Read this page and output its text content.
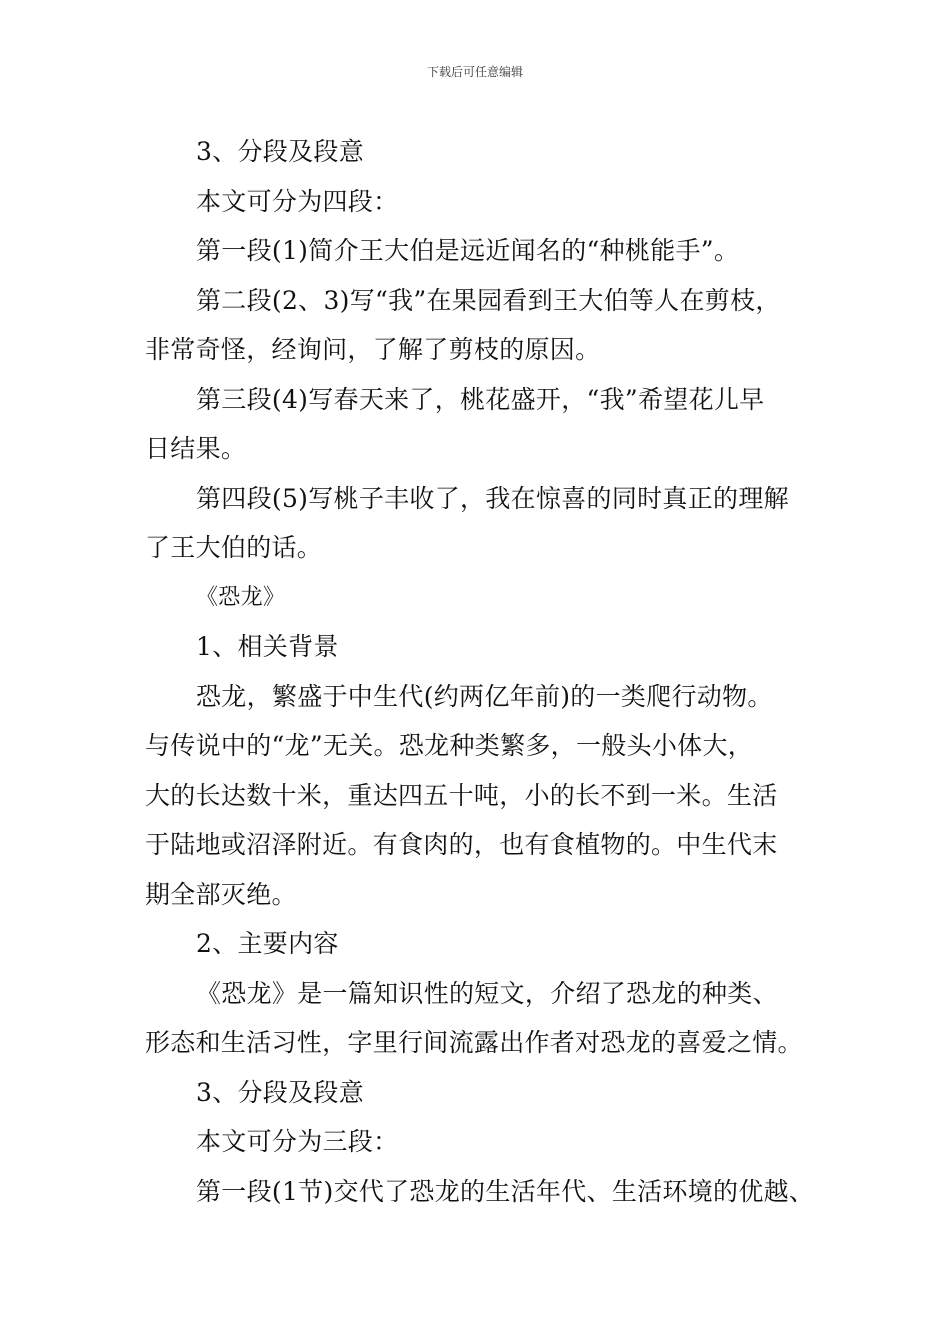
下载后可任意编辑

3、分段及段意

本文可分为四段：

第一段(1)简介王大伯是远近闻名的“种桃能手”。

第二段(2、3)写“我”在果园看到王大伯等人在剪枝，

非常奇怪，经询问，了解了剪枝的原因。

第三段(4)写春天来了，桃花盛开，“我”希望花儿早

日结果。

第四段(5)写桃子丰收了，我在惊喜的同时真正的理解

了王大伯的话。

《恐龙》

1、相关背景

恐龙，繁盛于中生代(约两亿年前)的一类爬行动物。

与传说中的“龙”无关。恐龙种类繁多，一般头小体大，

大的长达数十米，重达四五十吨，小的长不到一米。生活

于陆地或沼泽附近。有食肉的，也有食植物的。中生代末

期全部灭绝。

2、主要内容

《恐龙》是一篇知识性的短文，介绍了恐龙的种类、

形态和生活习性，字里行间流露出作者对恐龙的喜爱之情。

3、分段及段意

本文可分为三段：

第一段(1节)交代了恐龙的生活年代、生活环境的优越、
